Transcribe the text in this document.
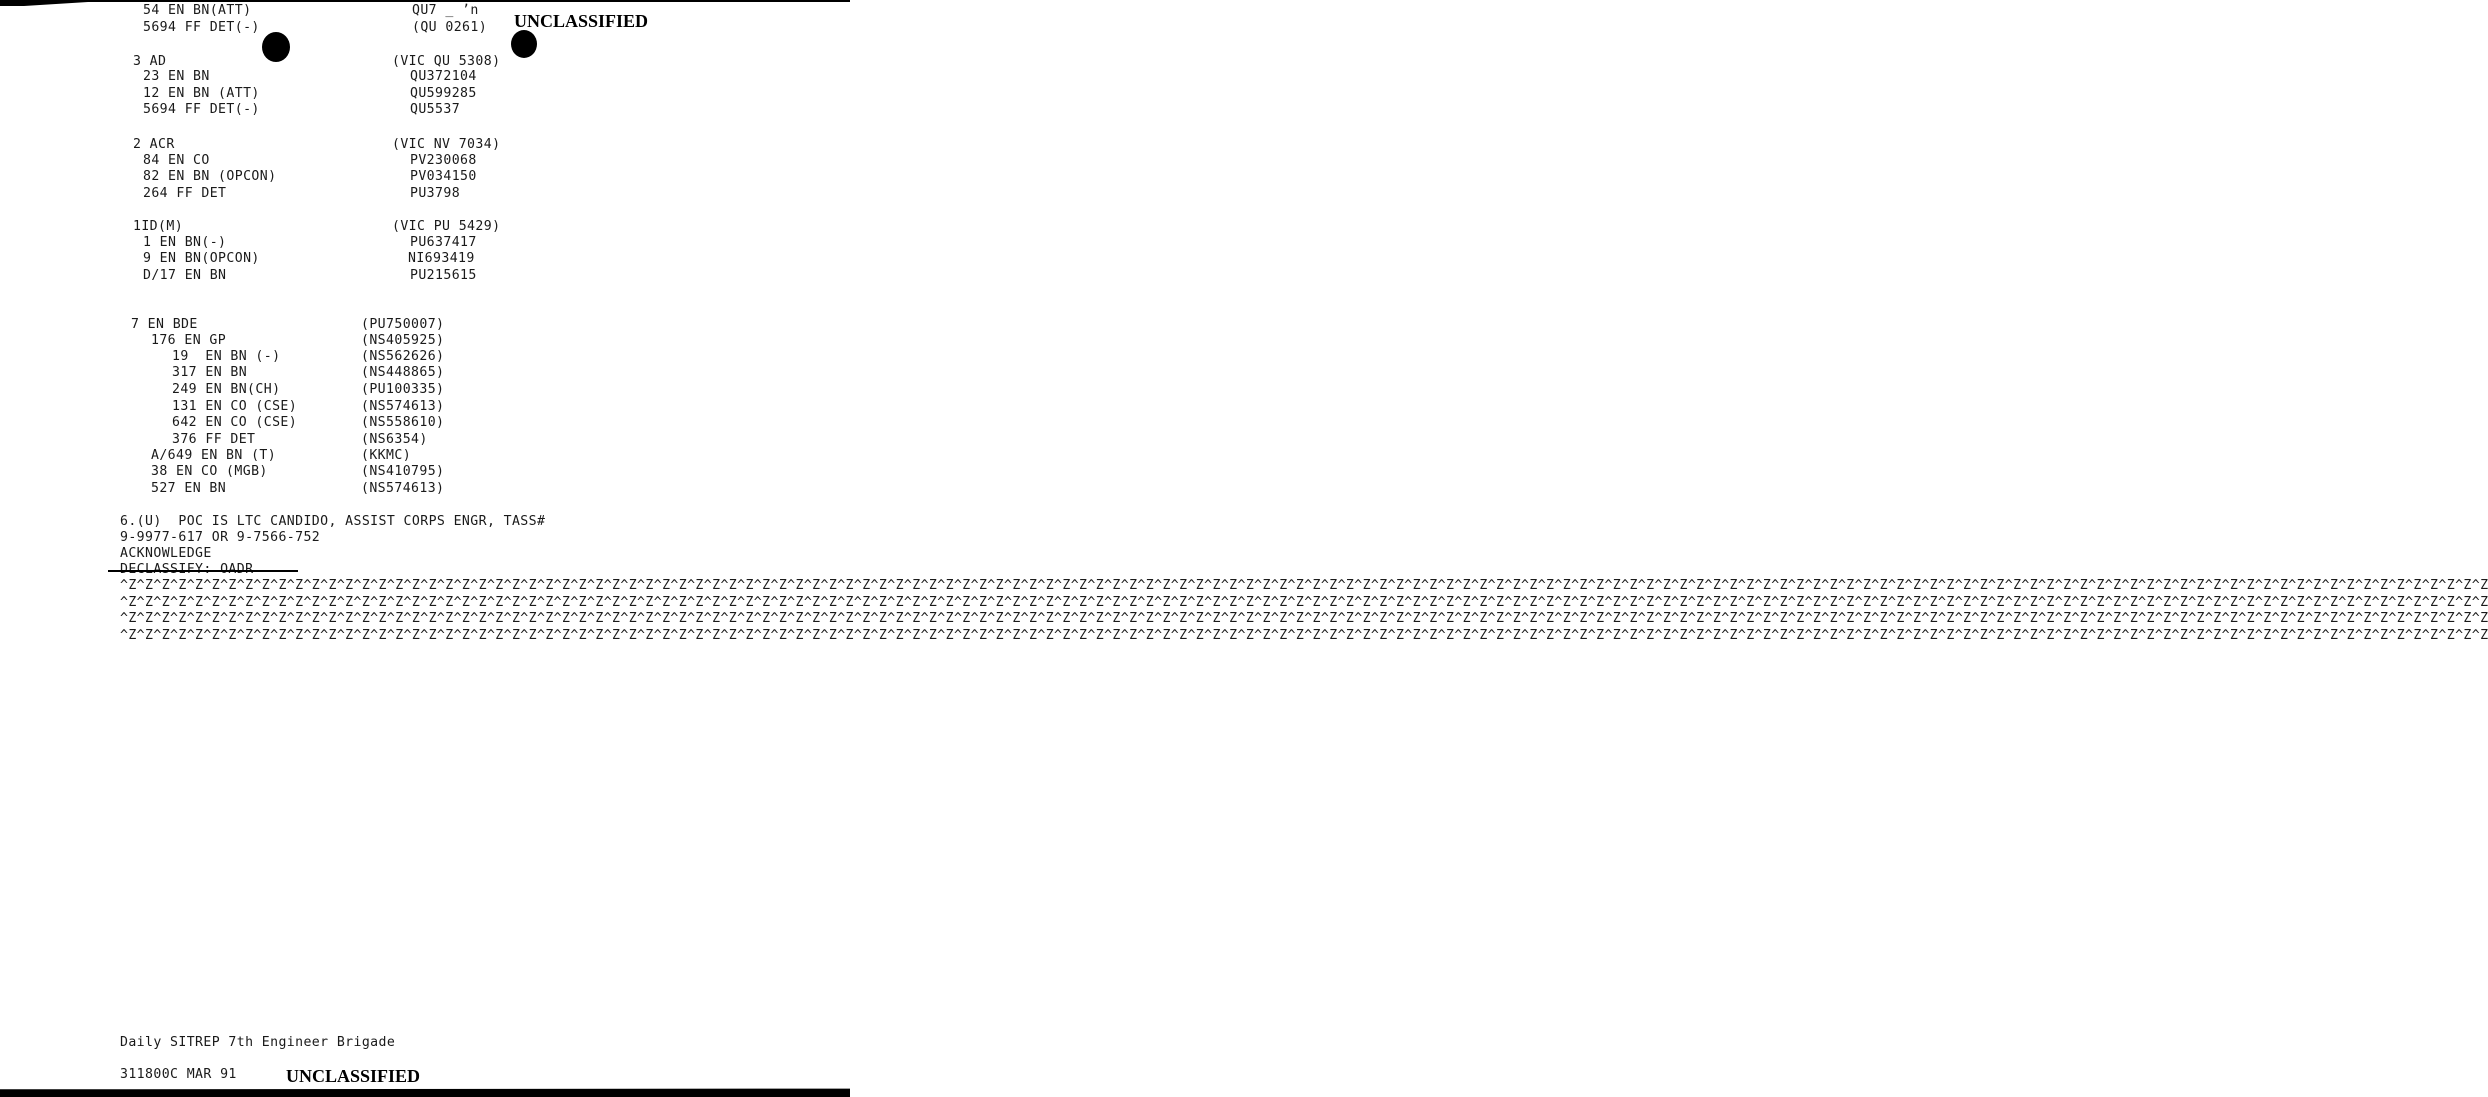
UNCLASSIFIED
54 EN BN(ATT)
5694 FF DET(-)
3 AD
23 EN BN
12 EN BN (ATT)
5694 FF DET(-)
2 ACR
84 EN CO
82 EN BN (OPCON)
264 FF DET
1ID(M)
1 EN BN(-)
9 EN BN(OPCON)
D/17 EN BN
7 EN BDE
176 EN GP
19  EN BN (-)
317 EN BN
249 EN BN(CH)
131 EN CO (CSE)
642 EN CO (CSE)
376 FF DET
A/649 EN BN (T)
38 EN CO (MGB)
527 EN BN
QU7 _ ʼn
(QU 0261)
(VIC QU 5308)
QU372104
QU599285
QU5537
(VIC NV 7034)
PV230068
PV034150
PU3798
(VIC PU 5429)
PU637417
NI693419
PU215615
(PU750007)
(NS405925)
(NS562626)
(NS448865)
(PU100335)
(NS574613)
(NS558610)
(NS6354)
(KKMC)
(NS410795)
(NS574613)
6.(U)  POC IS LTC CANDIDO, ASSIST CORPS ENGR, TASS#
9-9977-617 OR 9-7566-752
ACKNOWLEDGE
^Z^Z^Z^Z^Z^Z^Z^Z^Z^Z^Z^Z^Z^Z^Z^Z^Z^Z^Z^Z^Z^Z^Z^Z^Z^Z^Z^Z^Z^Z^Z^Z^Z^Z^Z^Z^Z^Z^Z^Z^Z^Z^Z^Z^Z^Z^Z^Z^Z^Z^Z^Z^Z^Z^Z^Z^Z^Z^Z^Z^Z^Z^Z^Z^Z^Z^Z^Z^Z^Z^Z^Z^Z^Z^Z^Z^Z^Z^Z^Z^Z^Z^Z^Z^Z^Z^Z^Z^Z^Z^Z^Z^Z^Z^Z^Z^Z^Z^Z^Z^Z^Z^Z^Z^Z^Z^Z^Z^Z^Z^Z^Z^Z^Z^Z^Z^Z^Z^Z^Z^Z^Z^Z^Z^Z^Z^Z^Z^Z^Z^Z^Z^Z^Z^Z^Z^Z^Z^Z^Z^Z^Z
^Z^Z^Z^Z^Z^Z^Z^Z^Z^Z^Z^Z^Z^Z^Z^Z^Z^Z^Z^Z^Z^Z^Z^Z^Z^Z^Z^Z^Z^Z^Z^Z^Z^Z^Z^Z^Z^Z^Z^Z^Z^Z^Z^Z^Z^Z^Z^Z^Z^Z^Z^Z^Z^Z^Z^Z^Z^Z^Z^Z^Z^Z^Z^Z^Z^Z^Z^Z^Z^Z^Z^Z^Z^Z^Z^Z^Z^Z^Z^Z^Z^Z^Z^Z^Z^Z^Z^Z^Z^Z^Z^Z^Z^Z^Z^Z^Z^Z^Z^Z^Z^Z^Z^Z^Z^Z^Z^Z^Z^Z^Z^Z^Z^Z^Z^Z^Z^Z^Z^Z^Z^Z^Z^Z^Z^Z^Z^Z^Z^Z^Z^Z^Z^Z^Z^Z^Z^Z^Z^Z^Z^Z
^Z^Z^Z^Z^Z^Z^Z^Z^Z^Z^Z^Z^Z^Z^Z^Z^Z^Z^Z^Z^Z^Z^Z^Z^Z^Z^Z^Z^Z^Z^Z^Z^Z^Z^Z^Z^Z^Z^Z^Z^Z^Z^Z^Z^Z^Z^Z^Z^Z^Z^Z^Z^Z^Z^Z^Z^Z^Z^Z^Z^Z^Z^Z^Z^Z^Z^Z^Z^Z^Z^Z^Z^Z^Z^Z^Z^Z^Z^Z^Z^Z^Z^Z^Z^Z^Z^Z^Z^Z^Z^Z^Z^Z^Z^Z^Z^Z^Z^Z^Z^Z^Z^Z^Z^Z^Z^Z^Z^Z^Z^Z^Z^Z^Z^Z^Z^Z^Z^Z^Z^Z^Z^Z^Z^Z^Z^Z^Z^Z^Z^Z^Z^Z^Z^Z^Z^Z^Z^Z^Z^Z^Z
^Z^Z^Z^Z^Z^Z^Z^Z^Z^Z^Z^Z^Z^Z^Z^Z^Z^Z^Z^Z^Z^Z^Z^Z^Z^Z^Z^Z^Z^Z^Z^Z^Z^Z^Z^Z^Z^Z^Z^Z^Z^Z^Z^Z^Z^Z^Z^Z^Z^Z^Z^Z^Z^Z^Z^Z^Z^Z^Z^Z^Z^Z^Z^Z^Z^Z^Z^Z^Z^Z^Z^Z^Z^Z^Z^Z^Z^Z^Z^Z^Z^Z^Z^Z^Z^Z^Z^Z^Z^Z^Z^Z^Z^Z^Z^Z^Z^Z^Z^Z^Z^Z^Z^Z^Z^Z^Z^Z^Z^Z^Z^Z^Z^Z^Z^Z^Z^Z^Z^Z^Z^Z^Z^Z^Z^Z^Z^Z^Z^Z^Z^Z^Z^Z^Z^Z^Z^Z^Z^Z^Z^Z
Daily SITREP 7th Engineer Brigade
311800C MAR 91	UNCLASSIFIED
